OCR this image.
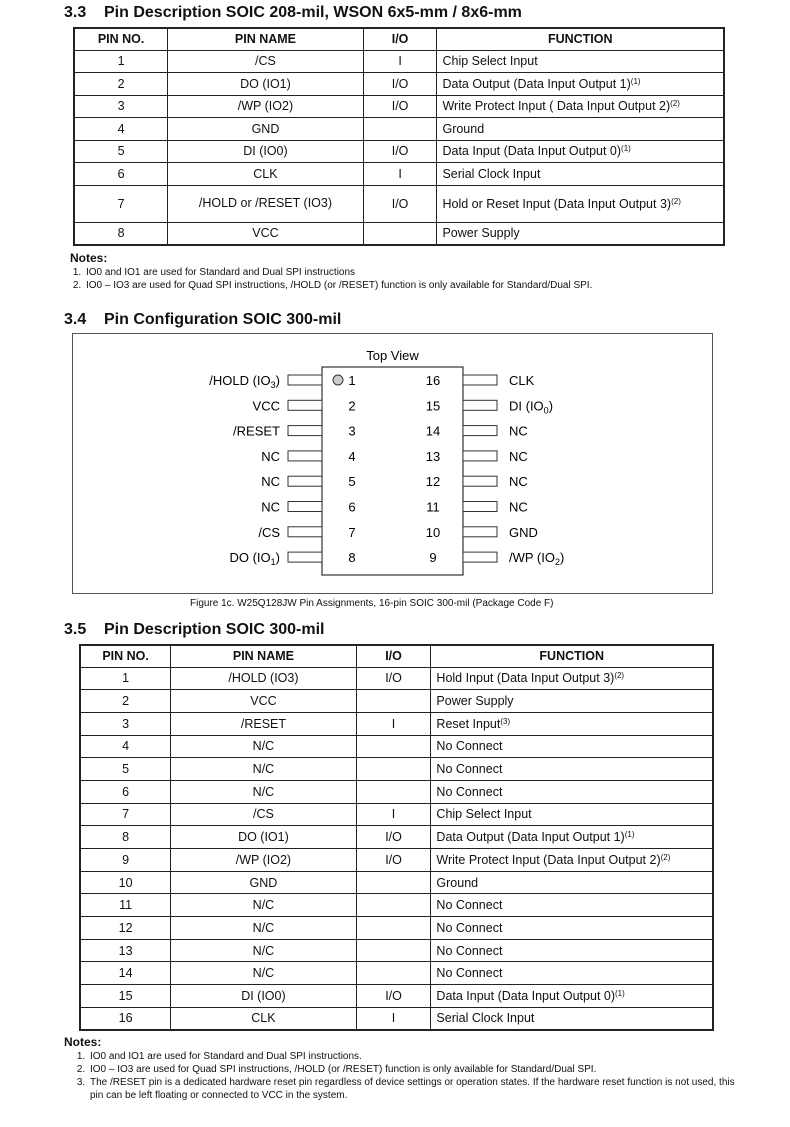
3.3 Pin Description SOIC 208-mil, WSON 6x5-mm / 8x6-mm
PIN NO.	PIN NAME	I/O	FUNCTION
1	/CS	I	Chip Select Input
2	DO (IO1)	I/O	Data Output (Data Input Output 1)$^{(1)}$
3	/WP (IO2)	I/O	Write Protect Input ( Data Input Output 2)$^{(2)}$
4	GND		Ground
5	DI (IO0)	I/O	Data Input (Data Input Output 0)$^{(1)}$
6	CLK	I	Serial Clock Input
7	/HOLD or /RESET (IO3)	I/O	Hold or Reset Input (Data Input Output 3)$^{(2)}$
8	VCC		Power Supply
Notes:
1. IO0 and IO1 are used for Standard and Dual SPI instructions
2. IO0 – IO3 are used for Quad SPI instructions, /HOLD (or /RESET) function is only available for Standard/Dual SPI.
3.4 Pin Configuration SOIC 300-mil
Top View
1
/HOLD $(IO_3)$
2
VCC
3
/RESET
4
NC
5
NC
6
NC
7
/CS
8
DO $(IO_1)$
16	CLK
15	DI $(IO_0)$
14	NC
13	NC
12	NC
11	NC
10	GND
9	/WP $(IO_2)$
Figure 1c. W25Q128JW Pin Assignments, 16-pin SOIC 300-mil (Package Code F)
3.5 Pin Description SOIC 300-mil
PIN NO.	PIN NAME	I/O	FUNCTION
1	/HOLD (IO3)	I/O	Hold Input (Data Input Output 3)$^{(2)}$
2	VCC		Power Supply
3	/RESET	I	Reset Input$^{(3)}$
4	N/C		No Connect
5	N/C		No Connect
6	N/C		No Connect
7	/CS	I	Chip Select Input
8	DO (IO1)	I/O	Data Output (Data Input Output 1)$^{(1)}$
9	/WP (IO2)	I/O	Write Protect Input (Data Input Output 2)$^{(2)}$
10	GND		Ground
11	N/C		No Connect
12	N/C		No Connect
13	N/C		No Connect
14	N/C		No Connect
15	DI (IO0)	I/O	Data Input (Data Input Output 0)$^{(1)}$
16	CLK	I	Serial Clock Input
Notes:
1. IO0 and IO1 are used for Standard and Dual SPI instructions.
2. IO0 – IO3 are used for Quad SPI instructions, /HOLD (or /RESET) function is only available for Standard/Dual SPI.
3. The /RESET pin is a dedicated hardware reset pin regardless of device settings or operation states. If the hardware reset function is not used, this pin can be left floating or connected to VCC in the system.
